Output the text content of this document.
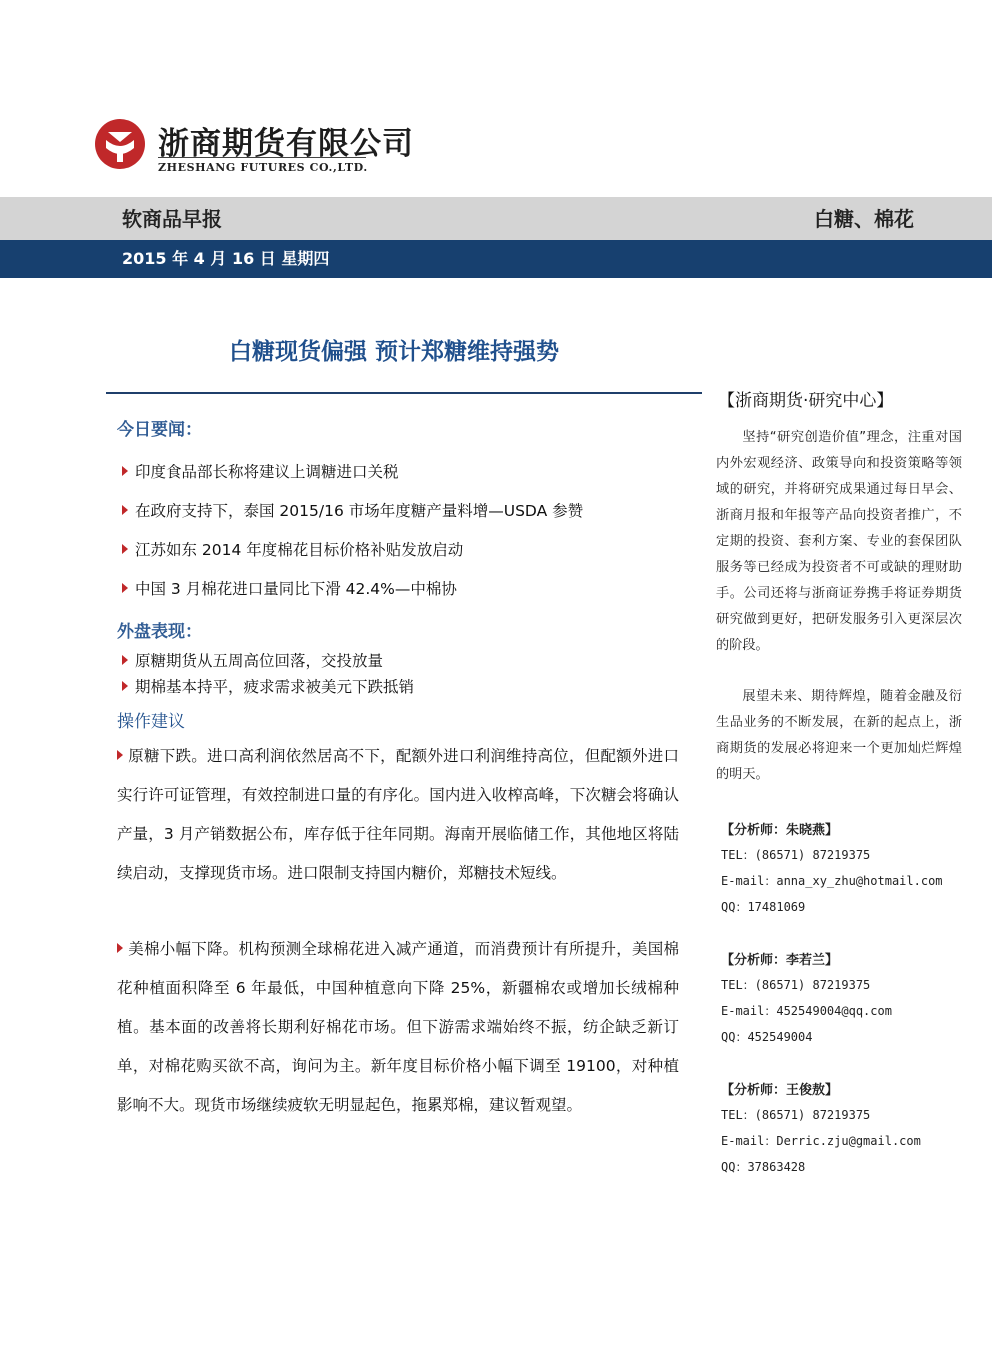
浙商期货有限公司
ZHESHANG FUTURES CO.,LTD.
软商品早报	白糖、棉花
2015 年 4 月 16 日 星期四
白糖现货偏强 预计郑糖维持强势
今日要闻：
印度食品部长称将建议上调糖进口关税
在政府支持下，泰国 2015/16 市场年度糖产量料增—USDA 参赞
江苏如东 2014 年度棉花目标价格补贴发放启动
中国 3 月棉花进口量同比下滑 42.4%—中棉协
外盘表现：
原糖期货从五周高位回落，交投放量
期棉基本持平，疲求需求被美元下跌抵销
操作建议
原糖下跌。进口高利润依然居高不下，配额外进口利润维持高位，但配额外进口实行许可证管理，有效控制进口量的有序化。国内进入收榨高峰，下次糖会将确认产量，3 月产销数据公布，库存低于往年同期。海南开展临储工作，其他地区将陆续启动，支撑现货市场。进口限制支持国内糖价，郑糖技术短线。
美棉小幅下降。机构预测全球棉花进入减产通道，而消费预计有所提升，美国棉花种植面积降至 6 年最低，中国种植意向下降 25%，新疆棉农或增加长绒棉种植。基本面的改善将长期利好棉花市场。但下游需求端始终不振，纺企缺乏新订单，对棉花购买欲不高，询问为主。新年度目标价格小幅下调至 19100，对种植影响不大。现货市场继续疲软无明显起色，拖累郑棉，建议暂观望。
【浙商期货·研究中心】
坚持“研究创造价值”理念，注重对国内外宏观经济、政策导向和投资策略等领域的研究，并将研究成果通过每日早会、浙商月报和年报等产品向投资者推广，不定期的投资、套利方案、专业的套保团队服务等已经成为投资者不可或缺的理财助手。公司还将与浙商证券携手将证券期货研究做到更好，把研发服务引入更深层次的阶段。
展望未来、期待辉煌，随着金融及衍生品业务的不断发展，在新的起点上，浙商期货的发展必将迎来一个更加灿烂辉煌的明天。
【分析师：朱晓燕】
TEL：(86571) 87219375
E-mail：anna_xy_zhu@hotmail.com
QQ：17481069
【分析师：李若兰】
TEL：(86571) 87219375
E-mail：452549004@qq.com
QQ：452549004
【分析师：王俊敖】
TEL：(86571) 87219375
E-mail：Derric.zju@gmail.com
QQ：37863428
